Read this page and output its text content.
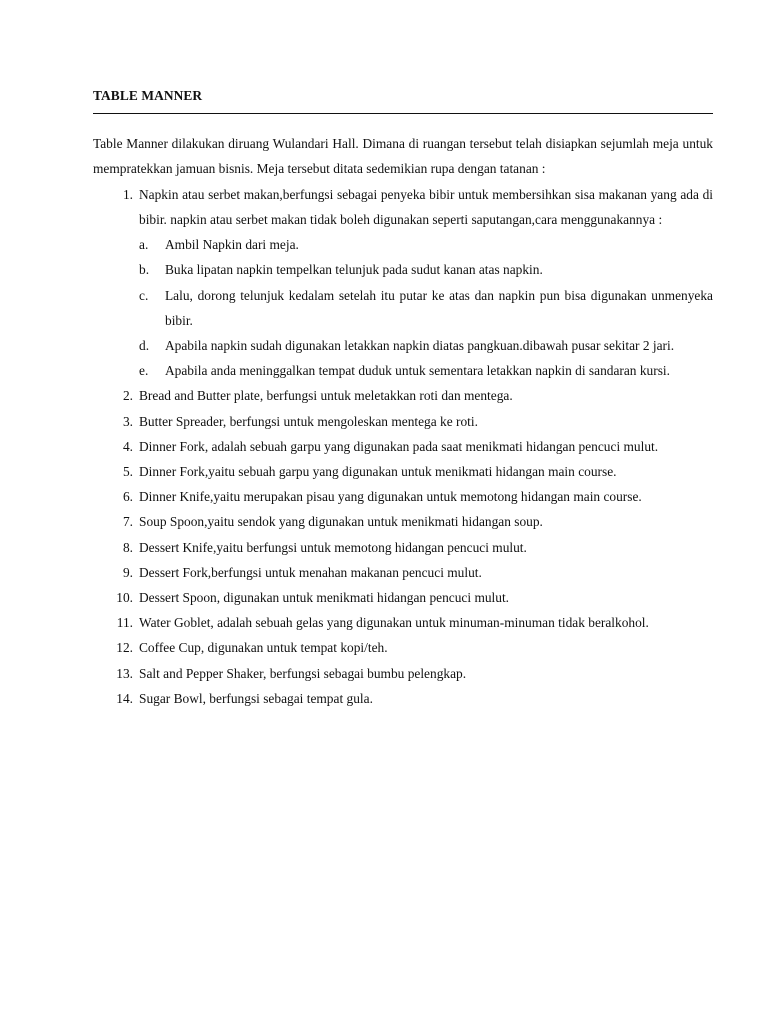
TABLE MANNER

Table Manner dilakukan diruang Wulandari Hall. Dimana di ruangan tersebut telah disiapkan sejumlah meja untuk mempratekkan jamuan bisnis. Meja tersebut ditata sedemikian rupa dengan tatanan :

1. Napkin atau serbet makan,berfungsi sebagai penyeka bibir untuk membersihkan sisa makanan yang ada di bibir. napkin atau serbet makan tidak boleh digunakan seperti saputangan,cara menggunakannya :
a. Ambil Napkin dari meja.
b. Buka lipatan napkin tempelkan telunjuk pada sudut kanan atas napkin.
c. Lalu, dorong telunjuk kedalam setelah itu putar ke atas dan napkin pun bisa digunakan unmenyeka bibir.
d. Apabila napkin sudah digunakan letakkan napkin diatas pangkuan.dibawah pusar sekitar 2 jari.
e. Apabila anda meninggalkan tempat duduk untuk sementara letakkan napkin di sandaran kursi.
2. Bread and Butter plate, berfungsi untuk meletakkan roti dan mentega.
3. Butter Spreader, berfungsi untuk mengoleskan mentega ke roti.
4. Dinner Fork, adalah sebuah garpu yang digunakan pada saat menikmati hidangan pencuci mulut.
5. Dinner Fork,yaitu sebuah garpu yang digunakan untuk menikmati hidangan main course.
6. Dinner Knife,yaitu merupakan pisau yang digunakan untuk memotong hidangan main course.
7. Soup Spoon,yaitu sendok yang digunakan untuk menikmati hidangan soup.
8. Dessert Knife,yaitu berfungsi untuk memotong hidangan pencuci mulut.
9. Dessert Fork,berfungsi untuk menahan makanan pencuci mulut.
10. Dessert Spoon, digunakan untuk menikmati hidangan pencuci mulut.
11. Water Goblet, adalah sebuah gelas yang digunakan untuk minuman-minuman tidak beralkohol.
12. Coffee Cup, digunakan untuk tempat kopi/teh.
13. Salt and Pepper Shaker, berfungsi sebagai bumbu pelengkap.
14. Sugar Bowl, berfungsi sebagai tempat gula.
